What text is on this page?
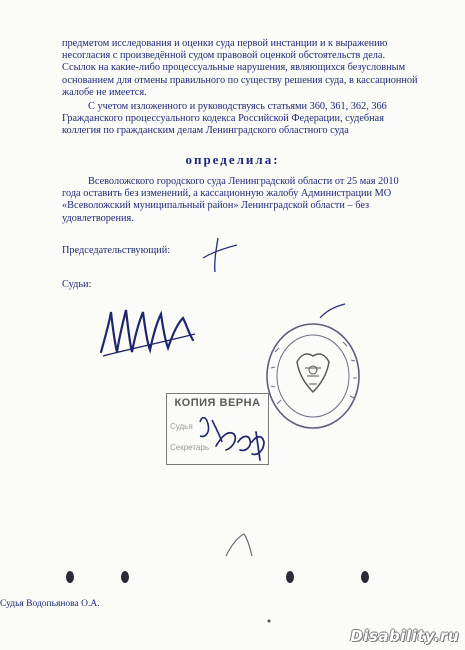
предметом исследования и оценки суда первой инстанции и к выражению
несогласия с произведённой судом правовой оценкой обстоятельств дела.
Ссылок на какие-либо процессуальные нарушения, являющихся безусловным
основанием для отмены правильного по существу решения суда, в кассационной
жалобе не имеется.
С учетом изложенного и руководствуясь статьями 360, 361, 362, 366
Гражданского процессуального кодекса Российской Федерации, судебная
коллегия по гражданским делам Ленинградского областного суда
определила:
Всеволожского городского суда Ленинградской области от 25 мая 2010
года оставить без изменений, а кассационную жалобу Администрации МО
«Всеволожский муниципальный район» Ленинградской области – без
удовлетворения.
Председательствующий:
Судьи:
КОПИЯ ВЕРНА
Судья
Секретарь
Судья Водопьянова О.А.
Disability.ru
